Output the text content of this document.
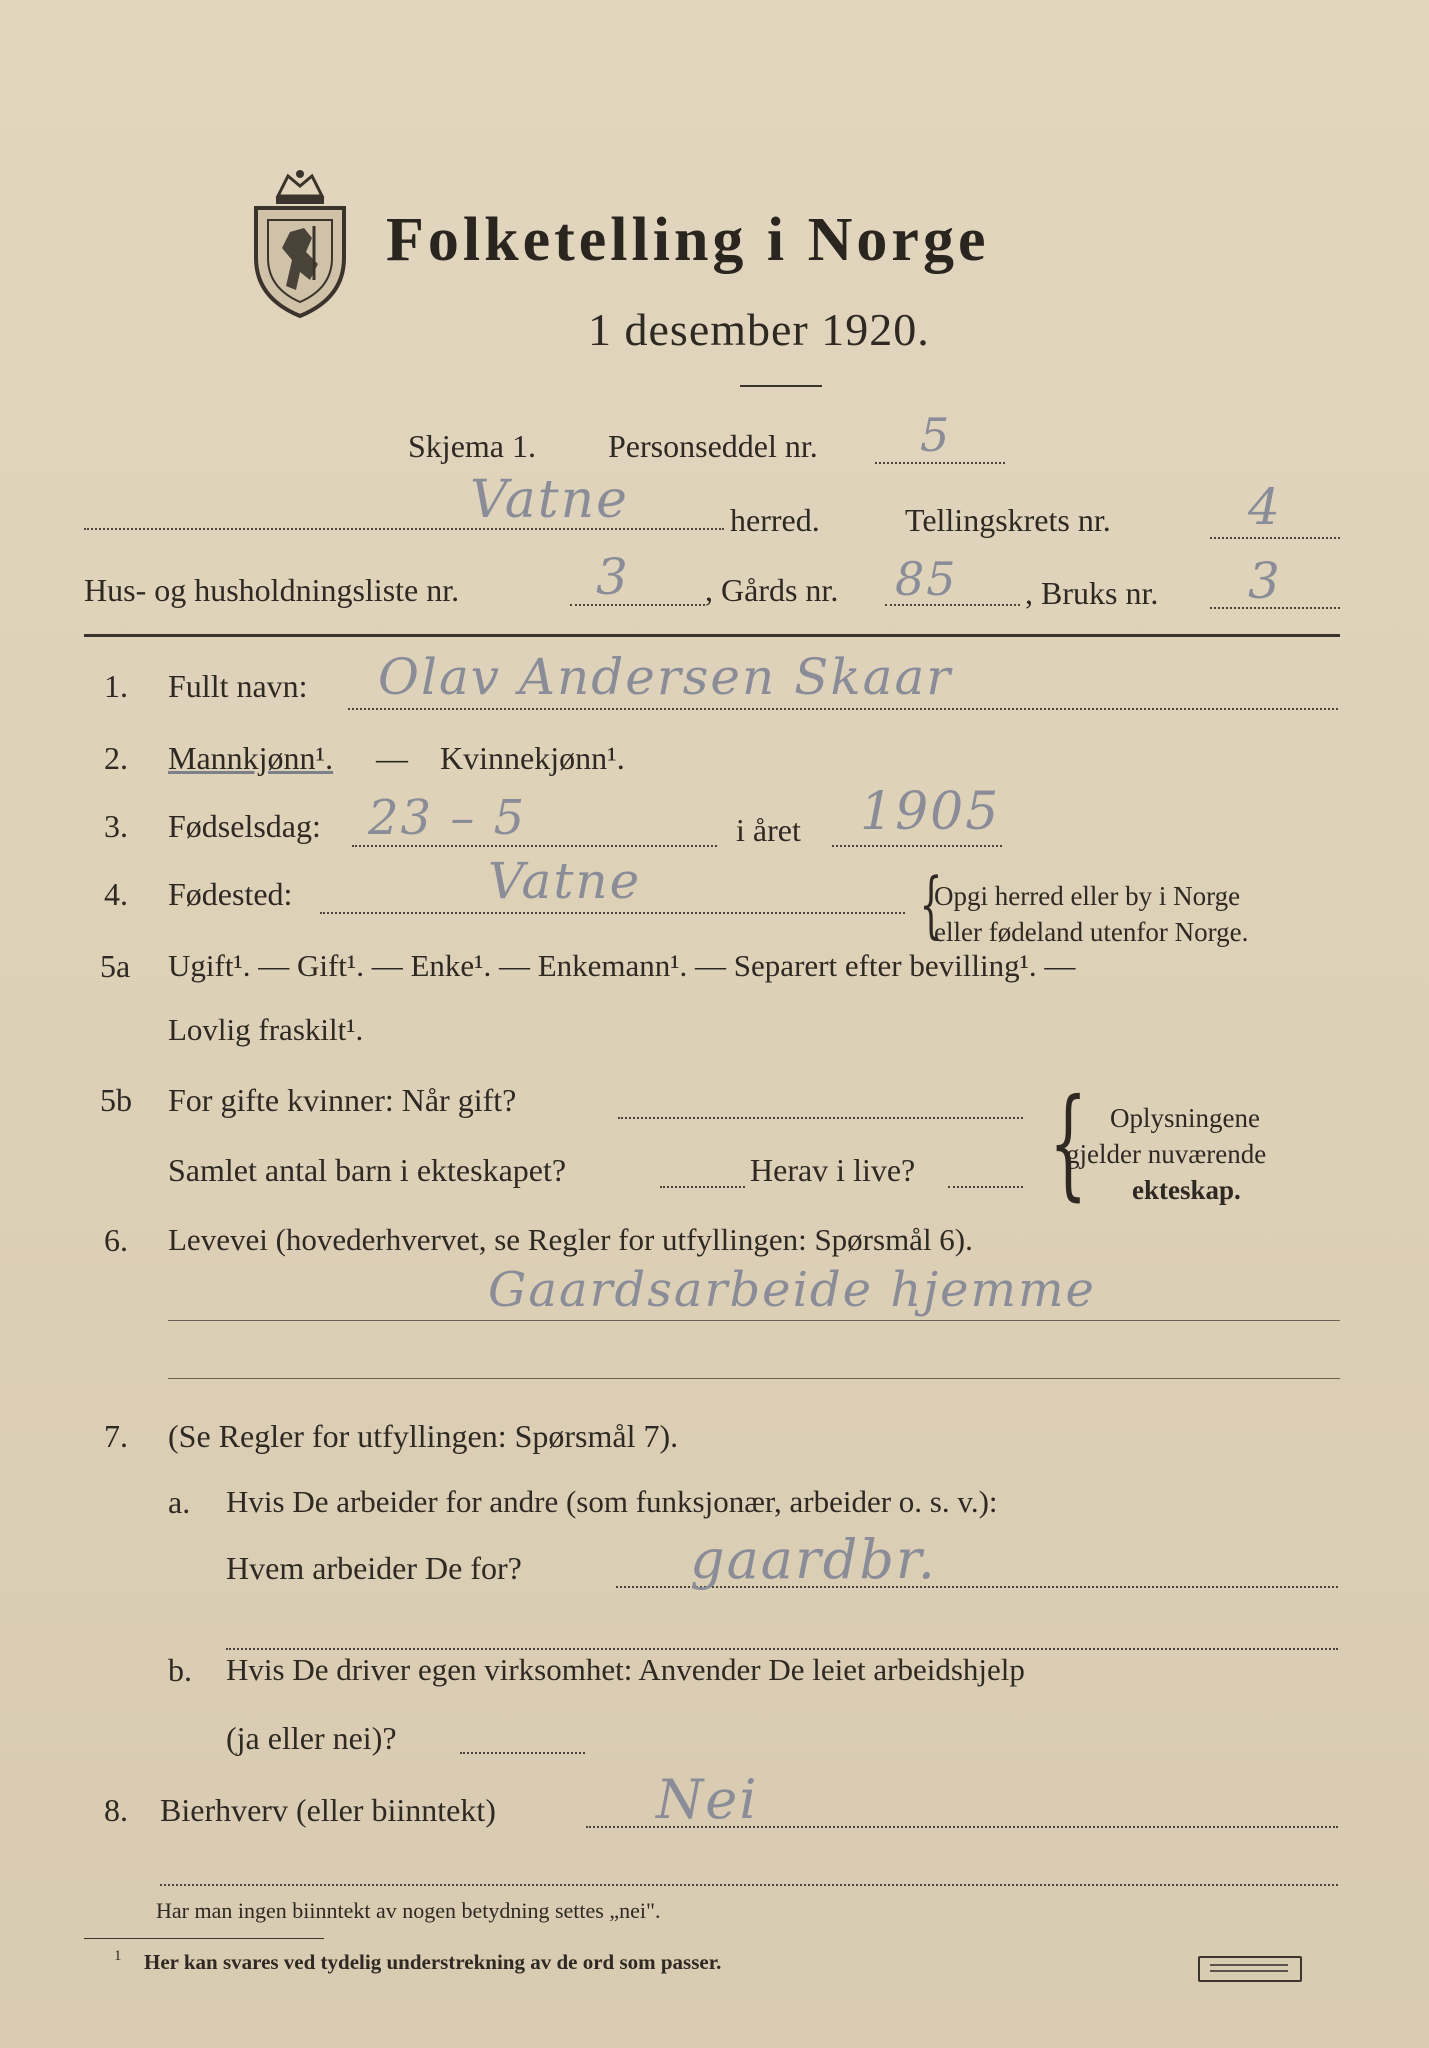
Folketelling i Norge
1 desember 1920.
Skjema 1. Personseddel nr. 5
Vatne	herred.	Tellingskrets nr.	4
Hus- og husholdningsliste nr.	3 , Gårds nr. 85 , Bruks nr. 3
1. Fullt navn: Olav Andersen Skaar
2. Mannkjønn¹. — Kvinnekjønn¹.
3. Fødselsdag: 23 – 5	i året 1905
4. Fødested:	Vatne	{
Opgi herred eller by i Norge
eller fødeland utenfor Norge.
5a Ugift¹. — Gift¹. — Enke¹. — Enkemann¹. — Separert efter bevilling¹. —
Lovlig fraskilt¹.
5b For gifte kvinner: Når gift?
Samlet antal barn i ekteskapet?	Herav i live? { Oplysningene
gjelder nuværende
ekteskap.
6. Levevei (hovederhvervet, se Regler for utfyllingen: Spørsmål 6).
Gaardsarbeide hjemme
7. (Se Regler for utfyllingen: Spørsmål 7).
a. Hvis De arbeider for andre (som funksjonær, arbeider o. s. v.):
Hvem arbeider De for?	gaardbr.
b. Hvis De driver egen virksomhet: Anvender De leiet arbeidshjelp
(ja eller nei)?
8. Bierhverv (eller biinntekt)	Nei
Har man ingen biinntekt av nogen betydning settes „nei".
1 Her kan svares ved tydelig understrekning av de ord som passer.
